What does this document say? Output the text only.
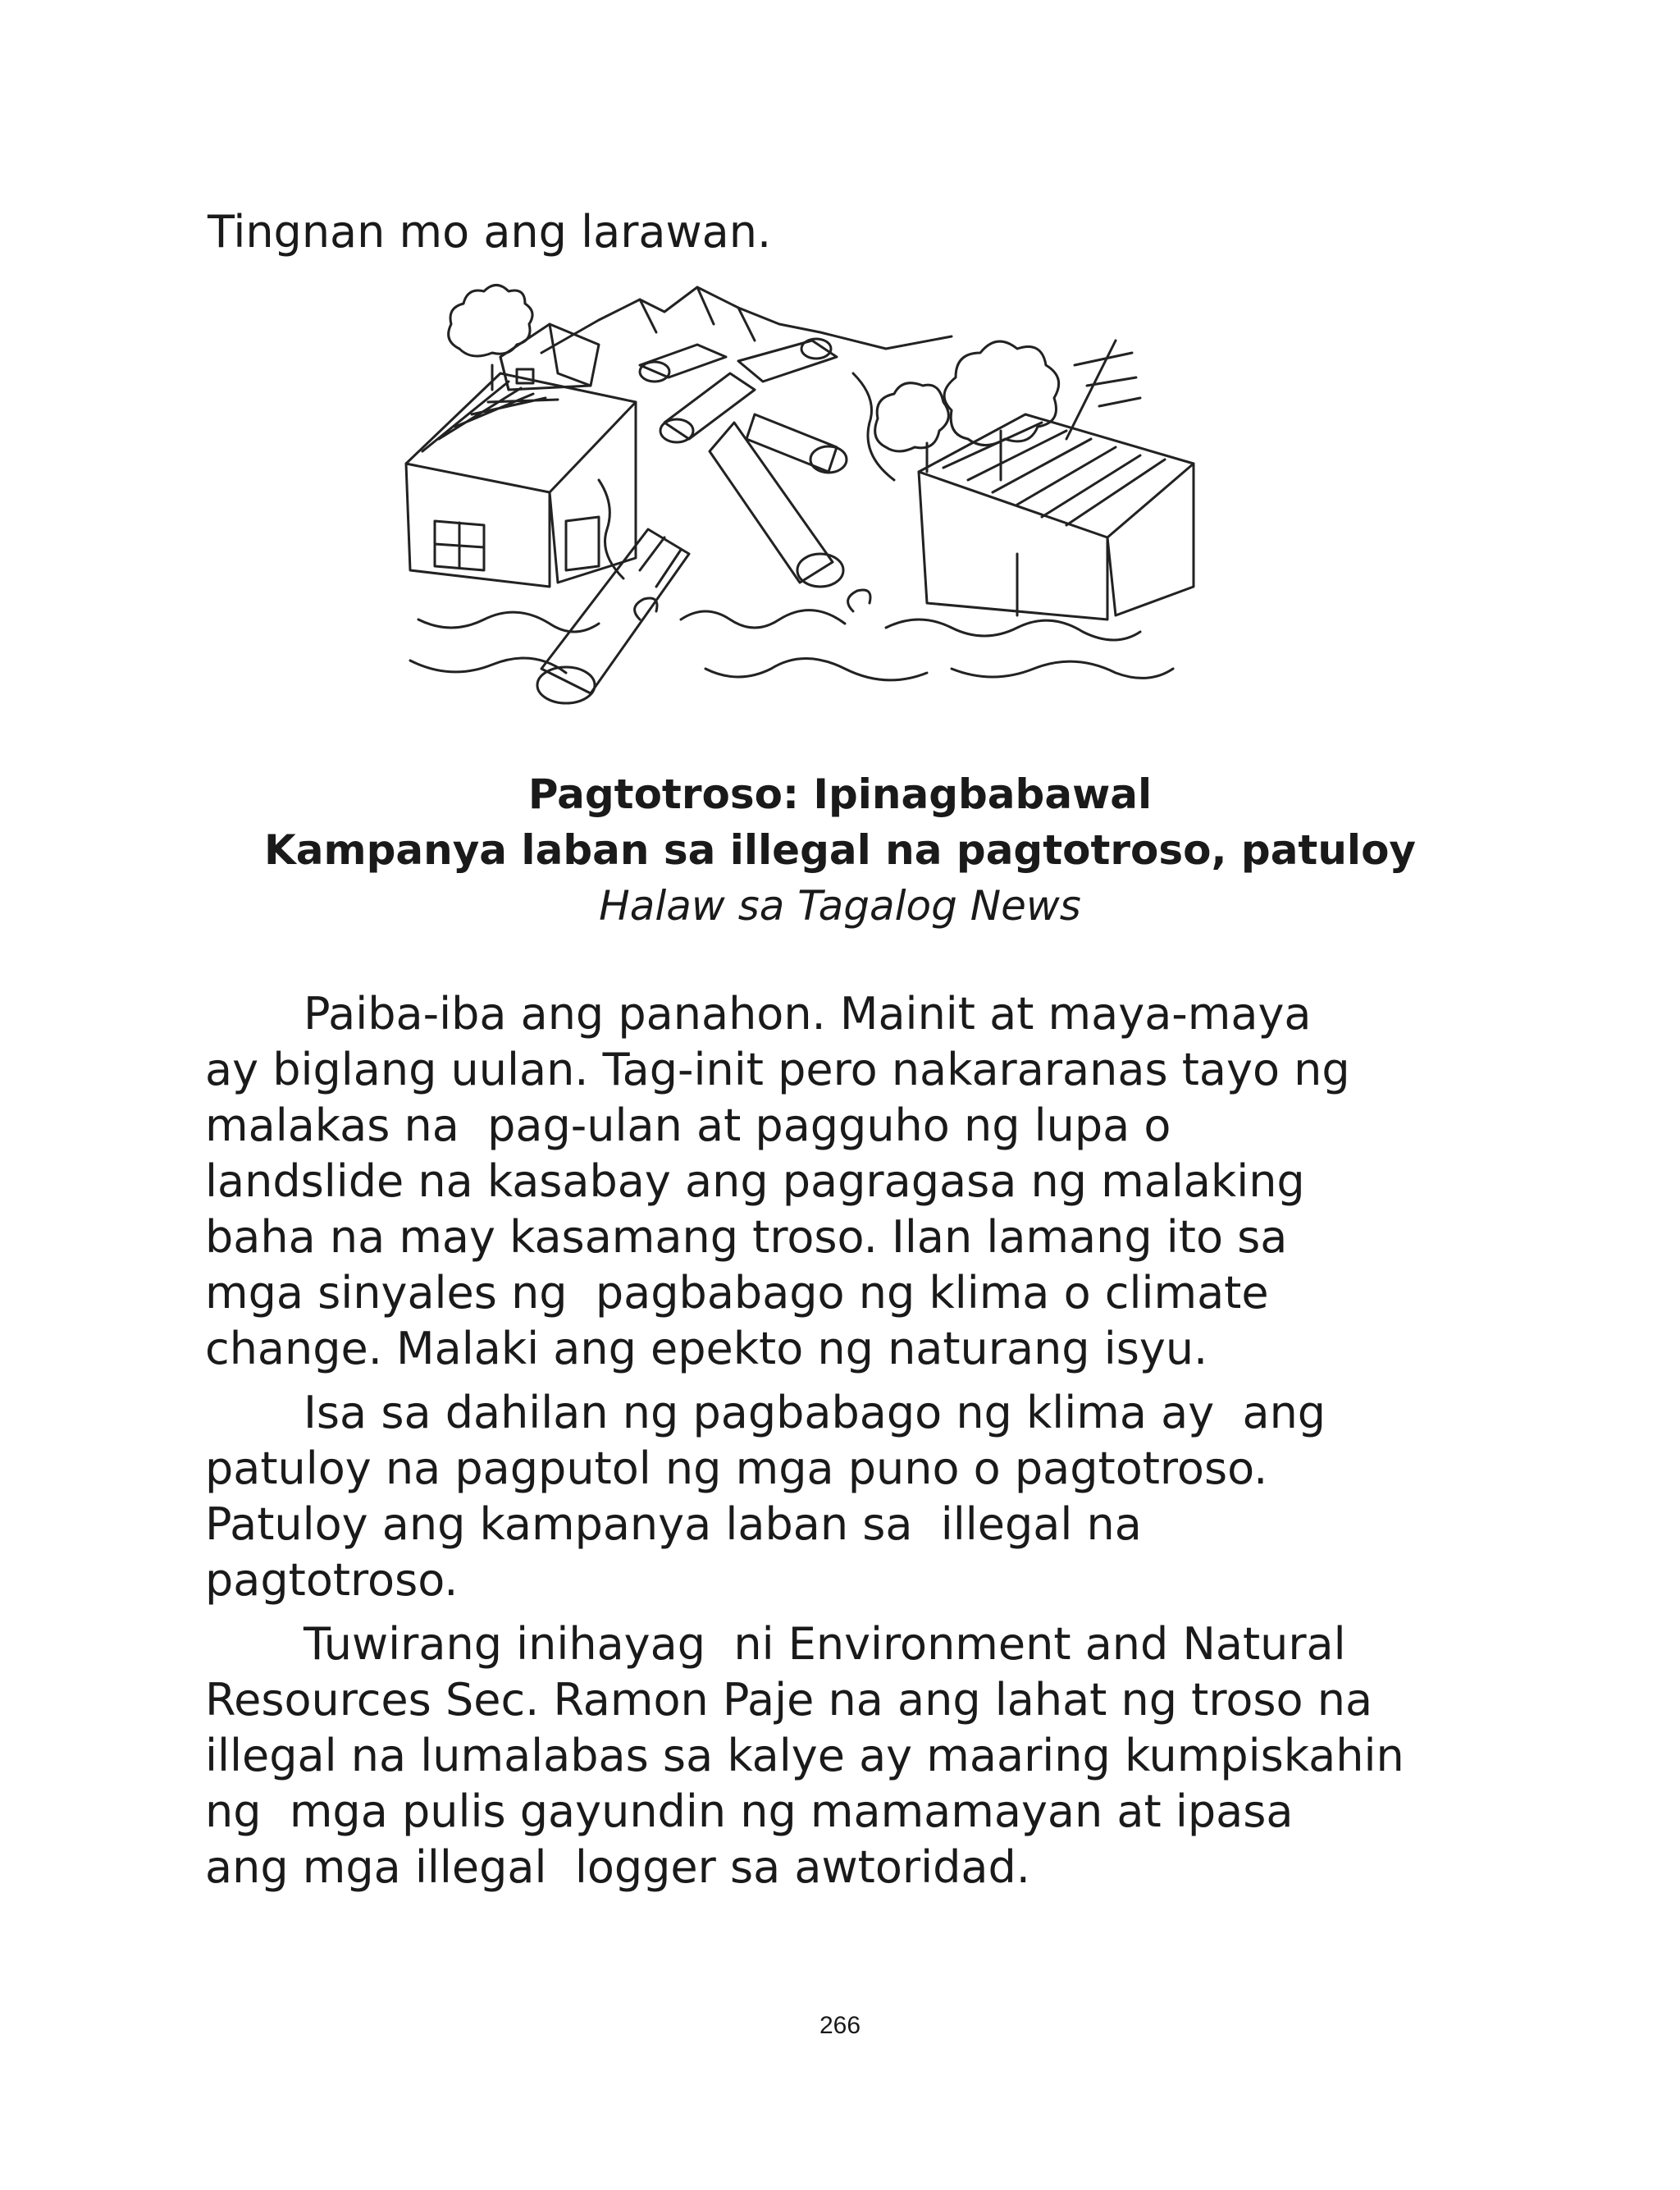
Tingnan mo ang larawan.

Pagtotroso: Ipinagbabawal

Kampanya laban sa illegal na pagtotroso, patuloy

Halaw sa Tagalog News

Paiba-iba ang panahon. Mainit at maya-maya
ay biglang uulan. Tag-init pero nakararanas tayo ng
malakas na  pag-ulan at pagguho ng lupa o
landslide na kasabay ang pagragasa ng malaking
baha na may kasamang troso. Ilan lamang ito sa
mga sinyales ng  pagbabago ng klima o climate
change. Malaki ang epekto ng naturang isyu.
Isa sa dahilan ng pagbabago ng klima ay  ang
patuloy na pagputol ng mga puno o pagtotroso.
Patuloy ang kampanya laban sa  illegal na
pagtotroso.
Tuwirang inihayag  ni Environment and Natural
Resources Sec. Ramon Paje na ang lahat ng troso na
illegal na lumalabas sa kalye ay maaring kumpiskahin
ng  mga pulis gayundin ng mamamayan at ipasa
ang mga illegal  logger sa awtoridad.
266
